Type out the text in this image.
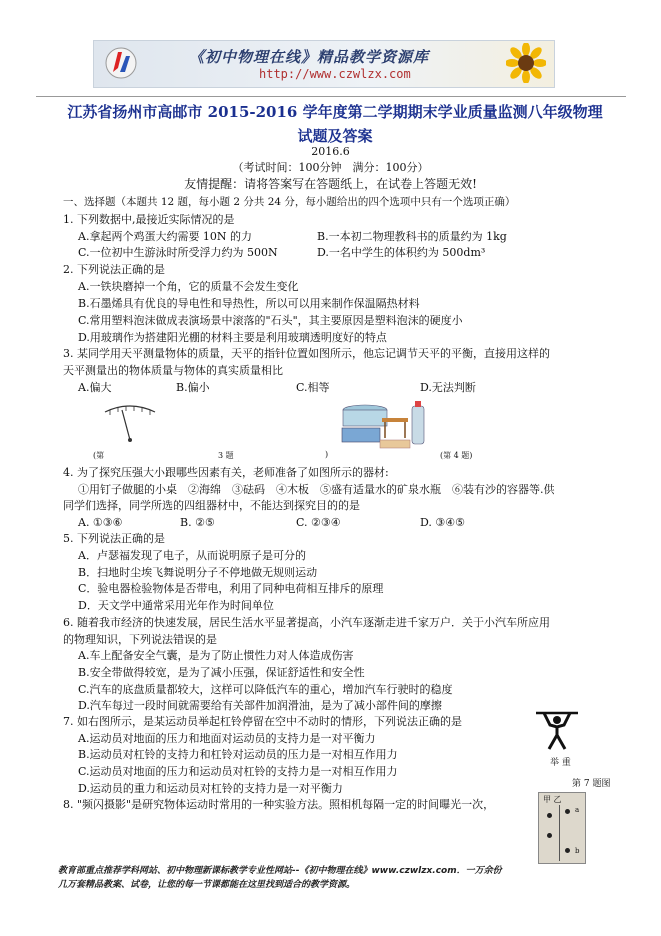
《初中物理在线》精品教学资源库
http://www.czwlzx.com
江苏省扬州市高邮市 2015-2016 学年度第二学期期末学业质量监测八年级物理试题及答案
2016.6
（考试时间：100分钟　满分：100分）
友情提醒：请将答案写在答题纸上，在试卷上答题无效!
一、选择题（本题共 12 题，每小题 2 分共 24 分，每小题给出的四个选项中只有一个选项正确）
1. 下列数据中,最接近实际情况的是
A.拿起两个鸡蛋大约需要 10N 的力	B.一本初二物理教科书的质量约为 1kg
C.一位初中生游泳时所受浮力约为 500N	D.一名中学生的体积约为 500dm³
2. 下列说法正确的是
A.一铁块磨掉一个角，它的质量不会发生变化
B.石墨烯具有优良的导电性和导热性，所以可以用来制作保温隔热材料
C.常用塑料泡沫做成表演场景中滚落的"石头"，其主要原因是塑料泡沫的硬度小
D.用玻璃作为搭建阳光棚的材料主要是利用玻璃透明度好的特点
3. 某同学用天平测量物体的质量，天平的指针位置如图所示，他忘记调节天平的平衡，直接用这样的
天平测量出的物体质量与物体的真实质量相比
A.偏大	B.偏小	C.相等	D.无法判断
(第	3 题	)	(第 4 题)
4. 为了探究压强大小跟哪些因素有关，老师准备了如图所示的器材:
①用钉子做腿的小桌　②海绵　③砝码　④木板　⑤盛有适量水的矿泉水瓶　⑥装有沙的容器等.供
同学们选择，同学所选的四组器材中，不能达到探究目的的是
A. ①③⑥	B. ②⑤	C. ②③④	D. ③④⑤
5. 下列说法正确的是
A．卢瑟福发现了电子，从而说明原子是可分的
B．扫地时尘埃飞舞说明分子不停地做无规则运动
C．验电器检验物体是否带电，利用了同种电荷相互排斥的原理
D．天文学中通常采用光年作为时间单位
6. 随着我市经济的快速发展，居民生活水平显著提高，小汽车逐渐走进千家万户．关于小汽车所应用
的物理知识，下列说法错误的是
A.车上配备安全气囊，是为了防止惯性力对人体造成伤害
B.安全带做得较宽，是为了减小压强，保证舒适性和安全性
C.汽车的底盘质量都较大，这样可以降低汽车的重心，增加汽车行驶时的稳度
D.汽车每过一段时间就需要给有关部件加润滑油，是为了减小部件间的摩擦
7. 如右图所示，是某运动员举起杠铃停留在空中不动时的情形，下列说法正确的是
A.运动员对地面的压力和地面对运动员的支持力是一对平衡力
B.运动员对杠铃的支持力和杠铃对运动员的压力是一对相互作用力
C.运动员对地面的压力和运动员对杠铃的支持力是一对相互作用力
D.运动员的重力和运动员对杠铃的支持力是一对平衡力
举 重
第 7 题图
8. "频闪摄影"是研究物体运动时常用的一种实验方法。照相机每隔一定的时间曝光一次，	甲 乙
a
b
教育部重点推荐学科网站、初中物理新课标教学专业性网站--《初中物理在线》www.czwlzx.com．一万余份
几万套精品教案、试卷，让您的每一节课都能在这里找到适合的教学资源。
